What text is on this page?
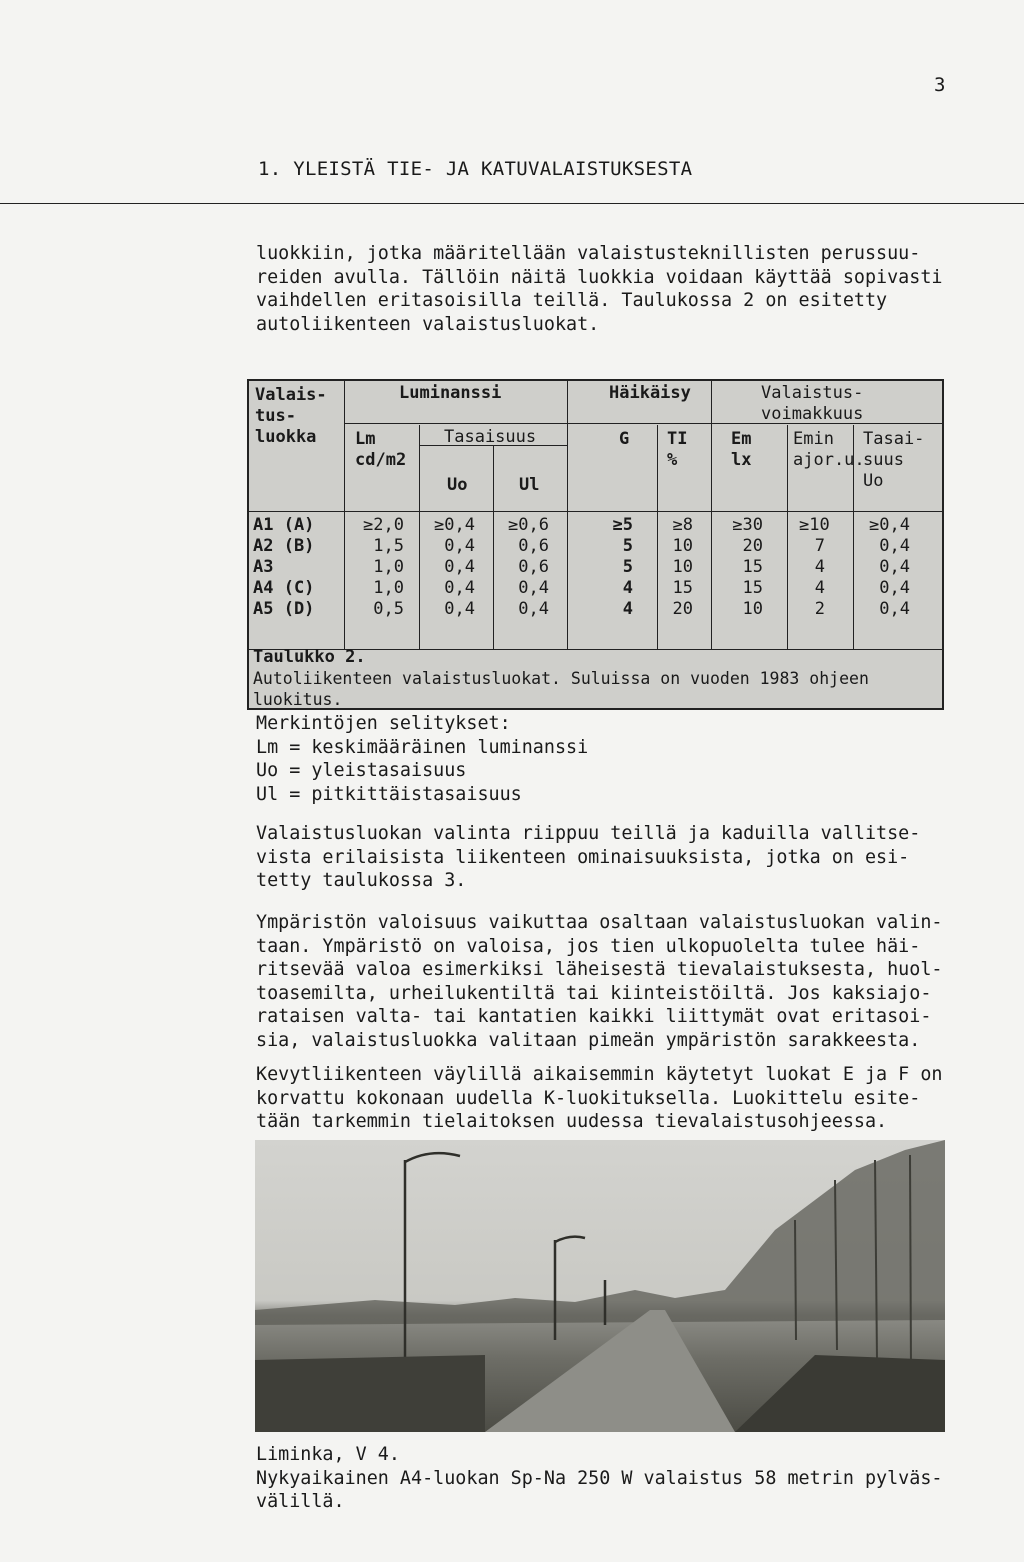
3
1. YLEISTÄ TIE- JA KATUVALAISTUKSESTA

luokkiin, jotka määritellään valaistusteknillisten perussuu-
reiden avulla. Tällöin näitä luokkia voidaan käyttää sopivasti
vaihdellen eritasoisilla teillä. Taulukossa 2 on esitetty
autoliikenteen valaistusluokat.

Valais-
tus-
luokka
Luminanssi
Lm
cd/m2
Tasaisuus
Uo	Ul
Häikäisy
G TI
%
Valaistus-
voimakkuus
Em
lx
Emin
ajor.u.
Tasai-
suus
Uo
A1 (A)
A2 (B)
A3
A4 (C)
A5 (D)
≥2,0
1,5
1,0
1,0
0,5
≥0,4
0,4
0,4
0,4
0,4
≥0,6
0,6
0,6
0,4
0,4
≥5
5
5
4
4
≥8
10
10
15
20
≥30
20
15
15
10
≥10
7
4
4
2
≥0,4
0,4
0,4
0,4
0,4
Taulukko 2.
Autoliikenteen valaistusluokat. Suluissa on vuoden 1983 ohjeen
luokitus.

Merkintöjen selitykset:
Lm = keskimääräinen luminanssi
Uo = yleistasaisuus
Ul = pitkittäistasaisuus

Valaistusluokan valinta riippuu teillä ja kaduilla vallitse-
vista erilaisista liikenteen ominaisuuksista, jotka on esi-
tetty taulukossa 3.

Ympäristön valoisuus vaikuttaa osaltaan valaistusluokan valin-
taan. Ympäristö on valoisa, jos tien ulkopuolelta tulee häi-
ritsevää valoa esimerkiksi läheisestä tievalaistuksesta, huol-
toasemilta, urheilukentiltä tai kiinteistöiltä. Jos kaksiajo-
rataisen valta- tai kantatien kaikki liittymät ovat eritasoi-
sia, valaistusluokka valitaan pimeän ympäristön sarakkeesta.

Kevytliikenteen väylillä aikaisemmin käytetyt luokat E ja F on
korvattu kokonaan uudella K-luokituksella. Luokittelu esite-
tään tarkemmin tielaitoksen uudessa tievalaistusohjeessa.

Liminka, V 4.
Nykyaikainen A4-luokan Sp-Na 250 W valaistus 58 metrin pylväs-
välillä.
